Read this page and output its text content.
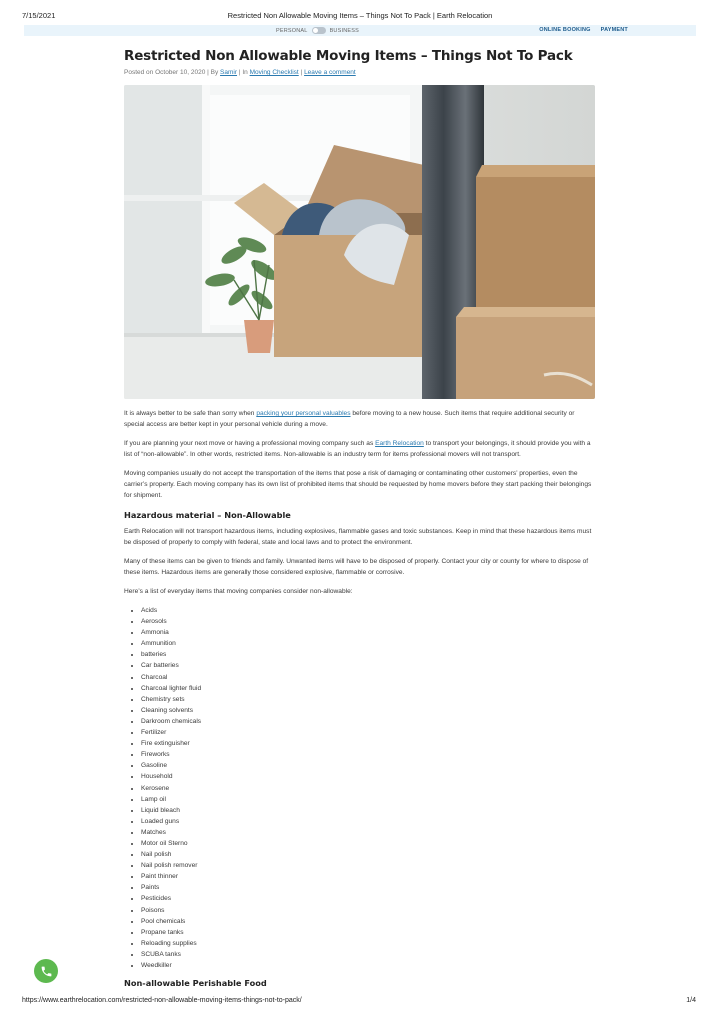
7/15/2021	Restricted Non Allowable Moving Items – Things Not To Pack | Earth Relocation
PERSONAL	BUSINESS	ONLINE BOOKING PAYMENT
Restricted Non Allowable Moving Items – Things Not To Pack
Posted on October 10, 2020 | By Samir | In Moving Checklist | Leave a comment

It is always better to be safe than sorry when packing your personal valuables before moving to a new house. Such items that require additional security or special access are better kept in your personal vehicle during a move.

If you are planning your next move or having a professional moving company such as Earth Relocation to transport your belongings, it should provide you with a list of “non-allowable”. In other words, restricted items. Non-allowable is an industry term for items professional movers will not transport.

Moving companies usually do not accept the transportation of the items that pose a risk of damaging or contaminating other customers’ properties, even the carrier’s property. Each moving company has its own list of prohibited items that should be requested by home movers before they start packing their belongings for shipment.

Hazardous material – Non-Allowable

Earth Relocation will not transport hazardous items, including explosives, flammable gases and toxic substances. Keep in mind that these hazardous items must be disposed of properly to comply with federal, state and local laws and to protect the environment.

Many of these items can be given to friends and family. Unwanted items will have to be disposed of properly. Contact your city or county for where to dispose of these items. Hazardous items are generally those considered explosive, flammable or corrosive.

Here’s a list of everyday items that moving companies consider non-allowable:

• Acids
• Aerosols
• Ammonia
• Ammunition
• batteries
• Car batteries
• Charcoal
• Charcoal lighter fluid
• Chemistry sets
• Cleaning solvents
• Darkroom chemicals
• Fertilizer
• Fire extinguisher
• Fireworks
• Gasoline
• Household
• Kerosene
• Lamp oil
• Liquid bleach
• Loaded guns
• Matches
• Motor oil Sterno
• Nail polish
• Nail polish remover
• Paint thinner
• Paints
• Pesticides
• Poisons
• Pool chemicals
• Propane tanks
• Reloading supplies
• SCUBA tanks
• Weedkiller
Non-allowable Perishable Food
https://www.earthrelocation.com/restricted-non-allowable-moving-items-things-not-to-pack/	1/4
